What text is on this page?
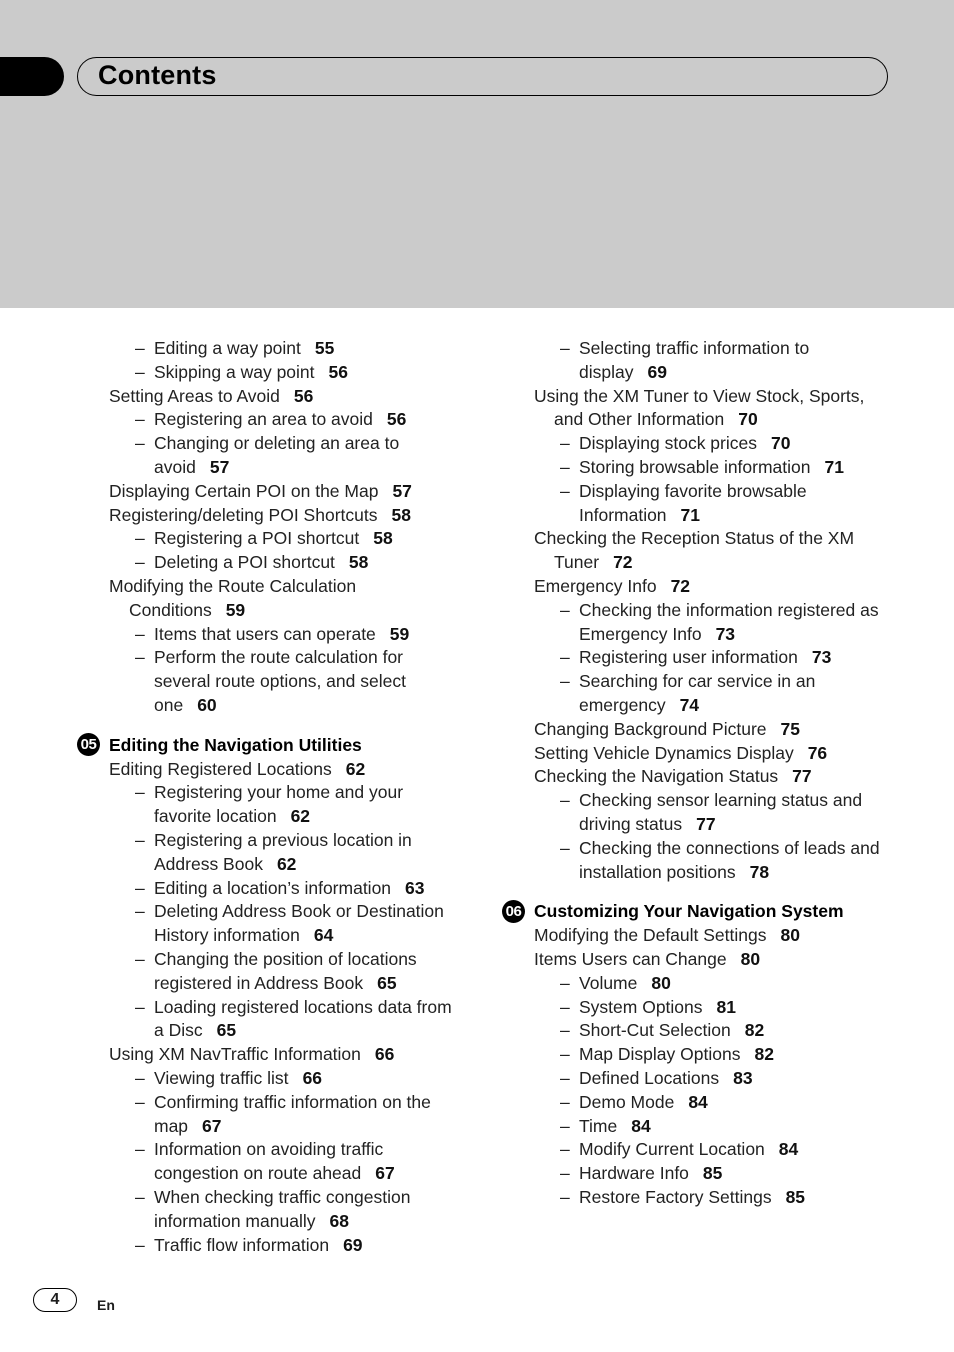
Contents
– Editing a way point 55
– Skipping a way point 56
Setting Areas to Avoid 56
– Registering an area to avoid 56
– Changing or deleting an area to
avoid 57
Displaying Certain POI on the Map 57
Registering/deleting POI Shortcuts 58
– Registering a POI shortcut 58
– Deleting a POI shortcut 58
Modifying the Route Calculation
Conditions 59
– Items that users can operate 59
– Perform the route calculation for
several route options, and select
one 60
05 Editing the Navigation Utilities
Editing Registered Locations 62
– Registering your home and your
favorite location 62
– Registering a previous location in
Address Book 62
– Editing a location’s information 63
– Deleting Address Book or Destination
History information 64
– Changing the position of locations
registered in Address Book 65
– Loading registered locations data from
a Disc 65
Using XM NavTraffic Information 66
– Viewing traffic list 66
– Confirming traffic information on the
map 67
– Information on avoiding traffic
congestion on route ahead 67
– When checking traffic congestion
information manually 68
– Traffic flow information 69
– Selecting traffic information to
display 69
Using the XM Tuner to View Stock, Sports,
and Other Information 70
– Displaying stock prices 70
– Storing browsable information 71
– Displaying favorite browsable
Information 71
Checking the Reception Status of the XM
Tuner 72
Emergency Info 72
– Checking the information registered as
Emergency Info 73
– Registering user information 73
– Searching for car service in an
emergency 74
Changing Background Picture 75
Setting Vehicle Dynamics Display 76
Checking the Navigation Status 77
– Checking sensor learning status and
driving status 77
– Checking the connections of leads and
installation positions 78
06 Customizing Your Navigation System
Modifying the Default Settings 80
Items Users can Change 80
– Volume 80
– System Options 81
– Short-Cut Selection 82
– Map Display Options 82
– Defined Locations 83
– Demo Mode 84
– Time 84
– Modify Current Location 84
– Hardware Info 85
– Restore Factory Settings 85
4	En
